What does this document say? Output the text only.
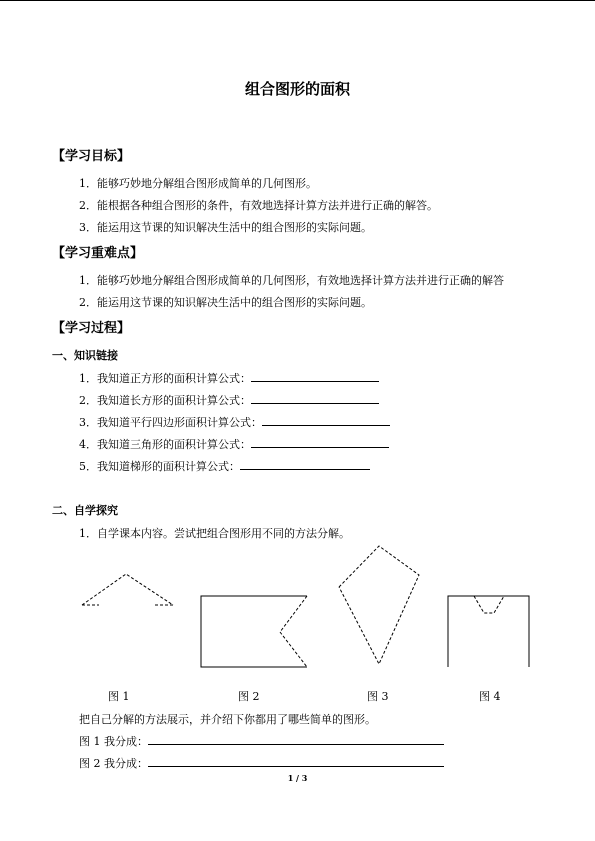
组合图形的面积
【学习目标】
1．能够巧妙地分解组合图形成简单的几何图形。
2．能根据各种组合图形的条件，有效地选择计算方法并进行正确的解答。
3．能运用这节课的知识解决生活中的组合图形的实际问题。
【学习重难点】
1．能够巧妙地分解组合图形成简单的几何图形，有效地选择计算方法并进行正确的解答
2．能运用这节课的知识解决生活中的组合图形的实际问题。
【学习过程】
一、知识链接
1．我知道正方形的面积计算公式：
2．我知道长方形的面积计算公式：
3．我知道平行四边形面积计算公式：
4．我知道三角形的面积计算公式：
5．我知道梯形的面积计算公式：
二、自学探究
1．自学课本内容。尝试把组合图形用不同的方法分解。
图 1	图 2	图 3	图 4
把自己分解的方法展示，并介绍下你都用了哪些简单的图形。
图 1 我分成：
图 2 我分成：
1 / 3
